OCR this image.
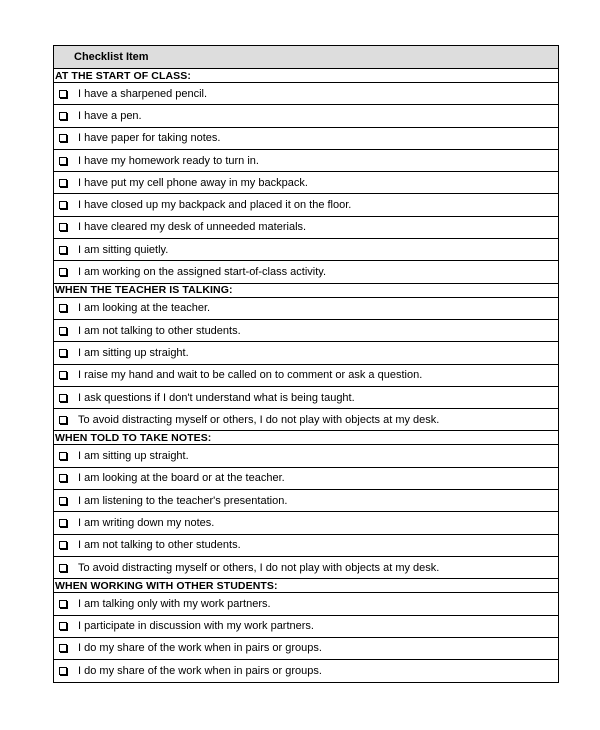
Checklist Item
AT THE START OF CLASS:
I have a sharpened pencil.
I have a pen.
I have paper for taking notes.
I have my homework ready to turn in.
I have put my cell phone away in my backpack.
I have closed up my backpack and placed it on the floor.
I have cleared my desk of unneeded materials.
I am sitting quietly.
I am working on the assigned start-of-class activity.
WHEN THE TEACHER IS TALKING:
I am looking at the teacher.
I am not talking to other students.
I am sitting up straight.
I raise my hand and wait to be called on to comment or ask a question.
I ask questions if I don't understand what is being taught.
To avoid distracting myself or others, I do not play with objects at my desk.
WHEN TOLD TO TAKE NOTES:
I am sitting up straight.
I am looking at the board or at the teacher.
I am listening to the teacher's presentation.
I am writing down my notes.
I am not talking to other students.
To avoid distracting myself or others, I do not play with objects at my desk.
WHEN WORKING WITH OTHER STUDENTS:
I am talking only with my work partners.
I participate in discussion with my work partners.
I do my share of the work when in pairs or groups.
I do my share of the work when in pairs or groups.
